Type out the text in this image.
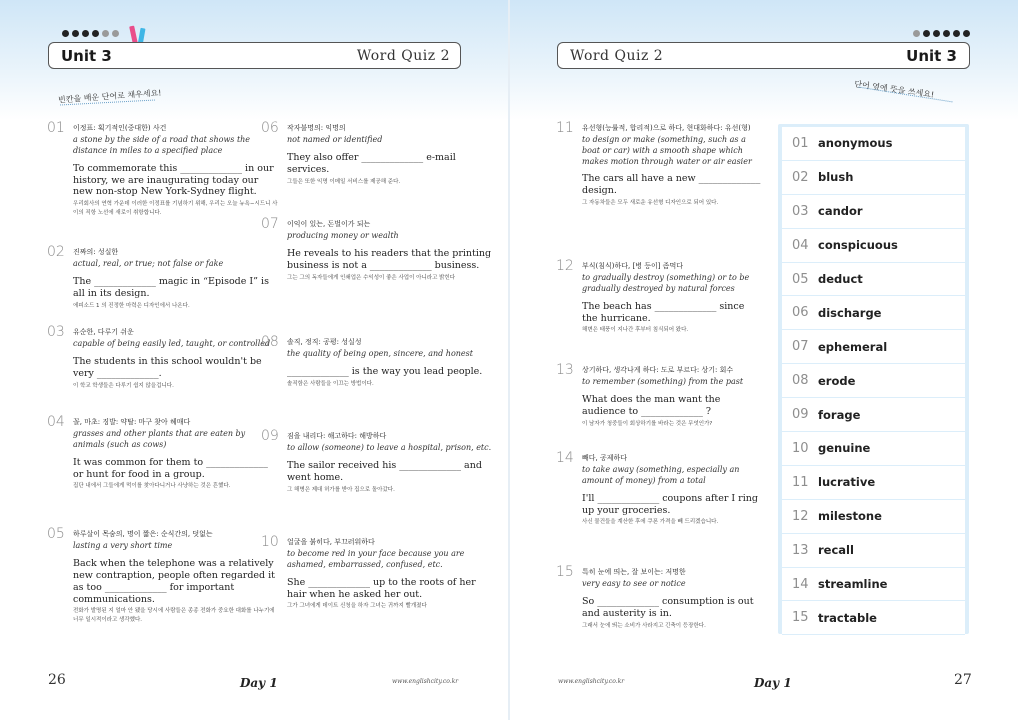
Unit 3	Word Quiz 2
빈칸을 배운 단어로 채우세요!
Word Quiz 2	Unit 3
단어 옆에 뜻을 쓰세요!
01 이정표: 획기적인(중대한) 사건
a stone by the side of a road that shows the distance in miles to a specified place
To commemorate this _____________ in our history, we are inaugurating today our new non-stop New York-Sydney flight.
우리회사의 연혁 가운데 이러한 이정표를 기념하기 위해, 우리는 오늘 뉴욕−시드니 사이의 직항 노선에 새로이 취항합니다.
02 진짜의: 성실한
actual, real, or true; not false or fake
The _____________ magic in “Episode I” is all in its design.
에피소드 1 의 진정한 마력은 디자인에서 나온다.
03 유순한, 다루기 쉬운
capable of being easily led, taught, or controlled
The students in this school wouldn't be very _____________.
이 학교 학생들은 다루기 쉽지 않을겁니다.
04 꼴, 마초: 징발: 약탈: 마구 찾아 헤매다
grasses and other plants that are eaten by animals (such as cows)
It was common for them to _____________ or hunt for food in a group.
집단 내에서 그들에게 먹이를 찾아다니거나 사냥하는 것은 흔했다.
05 하루살이 목숨의, 명이 짧은: 순식간의, 덧없는
lasting a very short time
Back when the telephone was a relatively new contraption, people often regarded it as too _____________ for important communications.
전화가 발명된 지 얼마 안 됐을 당시에 사람들은 종종 전화가 중요한 대화를 나누기에 너무 일시적이라고 생각했다.
06 작자불명의: 익명의
not named or identified
They also offer _____________ e-mail services.
그들은 또한 익명 이메일 서비스를 제공해 준다.
07 이익이 있는, 돈벌이가 되는
producing money or wealth
He reveals to his readers that the printing business is not a _____________ business.
그는 그의 독자들에게 인쇄업은 수익성이 좋은 사업이 아니라고 밝힌다
08 솔직, 정직: 공평: 성실성
the quality of being open, sincere, and honest
_____________ is the way you lead people.
솔직함은 사람들을 이끄는 방법이다.
09 짐을 내리다: 해고하다: 해방하다
to allow (someone) to leave a hospital, prison, etc.
The sailor received his _____________ and went home.
그 해병은 제대 허가를 받아 집으로 돌아갔다.
10 얼굴을 붉히다, 부끄러워하다
to become red in your face because you are ashamed, embarrassed, confused, etc.
She _____________ up to the roots of her hair when he asked her out.
그가 그녀에게 데이트 신청을 하자 그녀는 귀까지 빨개졌다
11 유선형(능률적, 합리적)으로 하다, 현대화하다: 유선(형)
to design or make (something, such as a boat or car) with a smooth shape which makes motion through water or air easier
The cars all have a new _____________ design.
그 자동차들은 모두 새로운 유선형 디자인으로 되어 있다.
12 부식(침식)하다, [병 등이] 좀먹다
to gradually destroy (something) or to be gradually destroyed by natural forces
The beach has _____________ since the hurricane.
해변은 태풍이 지나간 후부터 침식되어 왔다.
13 상기하다, 생각나게 하다: 도로 부르다: 상기: 회수
to remember (something) from the past
What does the man want the audience to _____________ ?
이 남자가 청중들이 회상하기를 바라는 것은 무엇인가?
14 빼다, 공제하다
to take away (something, especially an amount of money) from a total
I'll _____________ coupons after I ring up your groceries.
사신 물건들을 계산한 후에 쿠폰 가격을 빼 드리겠습니다.
15 특히 눈에 띄는, 잘 보이는: 저명한
very easy to see or notice
So _____________ consumption is out and austerity is in.
그래서 눈에 띄는 소비가 사라지고 긴축이 등장한다.
01 anonymous
02 blush
03 candor
04 conspicuous
05 deduct
06 discharge
07 ephemeral
08 erode
09 forage
10 genuine
11 lucrative
12 milestone
13 recall
14 streamline
15 tractable
26	Day 1	www.englishcity.co.kr	www.englishcity.co.kr	Day 1	27
